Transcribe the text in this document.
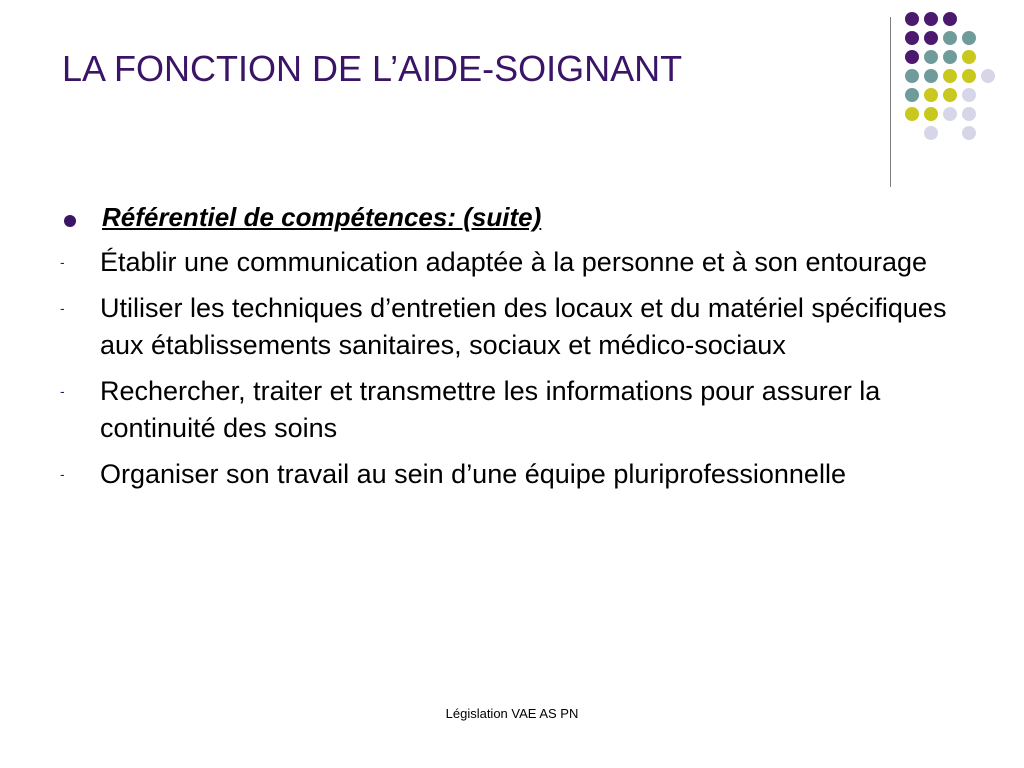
LA FONCTION DE L’AIDE-SOIGNANT
Référentiel de compétences: (suite)
- Établir une communication adaptée à la personne et à son entourage
- Utiliser les techniques d’entretien des locaux et du matériel spécifiques aux établissements sanitaires, sociaux et médico-sociaux
- Rechercher, traiter et transmettre les informations pour assurer la continuité des soins
- Organiser son travail au sein d’une équipe pluriprofessionnelle
Législation VAE AS PN
